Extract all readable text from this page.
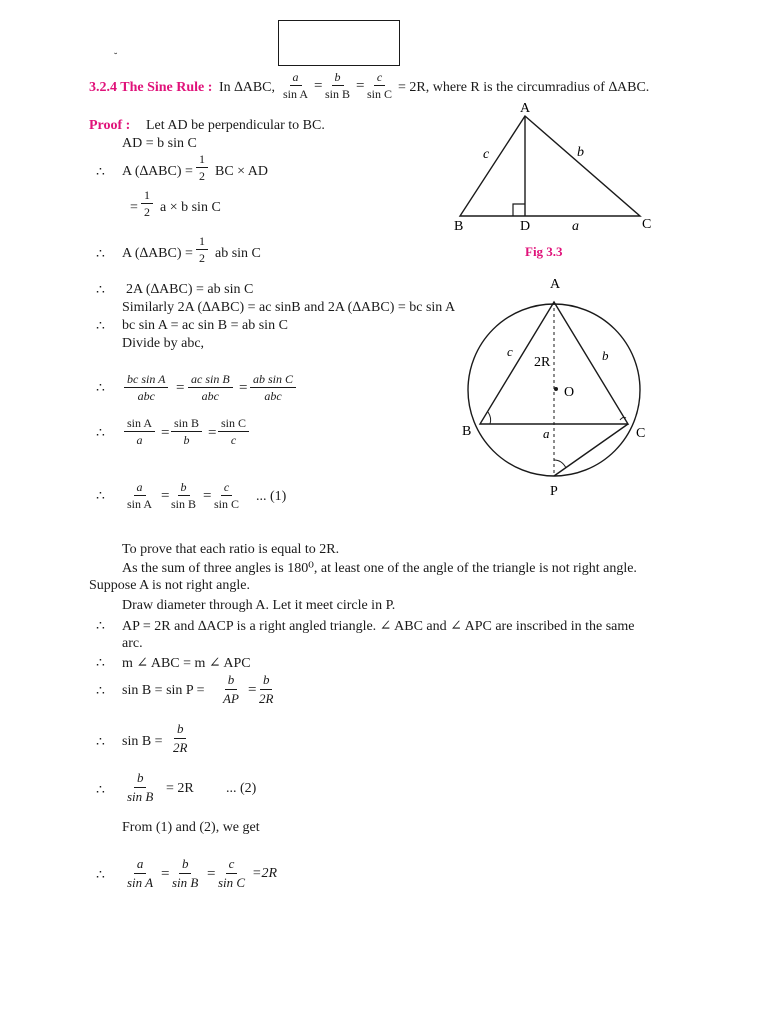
˘
3.2.4 The Sine Rule : In ∆ABC, $\frac{a}{\text{sin A}} = \frac{b}{\text{sin B}} = \frac{c}{\text{sin C}} = 2R$, where R is the circumradius of ∆ABC.
Proof : Let AD be perpendicular to BC.
AD = b sin C
∴ A $(\Delta ABC) = \frac{1}{2}$ BC × AD
= $\frac{1}{2}$ a × b sin C
∴ A $(\Delta ABC) = \frac{1}{2}$ ab sin C
∴ 2A (∆ABC) = ab sin C
Similarly 2A (∆ABC) = ac sinB and 2A (∆ABC) = bc sin A
∴ bc sin A = ac sin B = ab sin C
Divide by abc,
∴
bc sin A
abc =
ac sin B
abc =
ab sin C
abc
∴ $\frac{\text{sin A}}{a} = \frac{\text{sin B}}{b} = \frac{\text{sin C}}{c}$
∴ $\frac{a}{\text{sin A}}$ =
$\frac{b}{\text{sin B}} = \frac{c}{\text{sin C}}$ ... (1)
To prove that each ratio is equal to 2R.
As the sum of three angles is 180⁰, at least one of the angle of the triangle is not right angle.
Suppose A is not right angle.
Draw diameter through A. Let it meet circle in P.
∴ AP = 2R and ∆ACP is a right angled triangle. ∠ ABC and ∠ APC are inscribed in the same
arc.
∴ m ∠ ABC = m ∠ APC
∴ $\sin B = \sin P = \frac{b}{AP} = \frac{b}{2R}$
∴ $\sin B = \frac{b}{2R}$
∴ $\frac{b}{\text{sin B}} = 2R$ ... (2)
From (1) and (2), we get
∴ $\frac{a}{\text{sin A}} = \frac{b}{\text{sin B}} = \frac{c}{\text{sin C}} =2R$
A
B	C
D	a
b
c
Fig 3.3
A
B	C
P
O
2R
a
b
c
